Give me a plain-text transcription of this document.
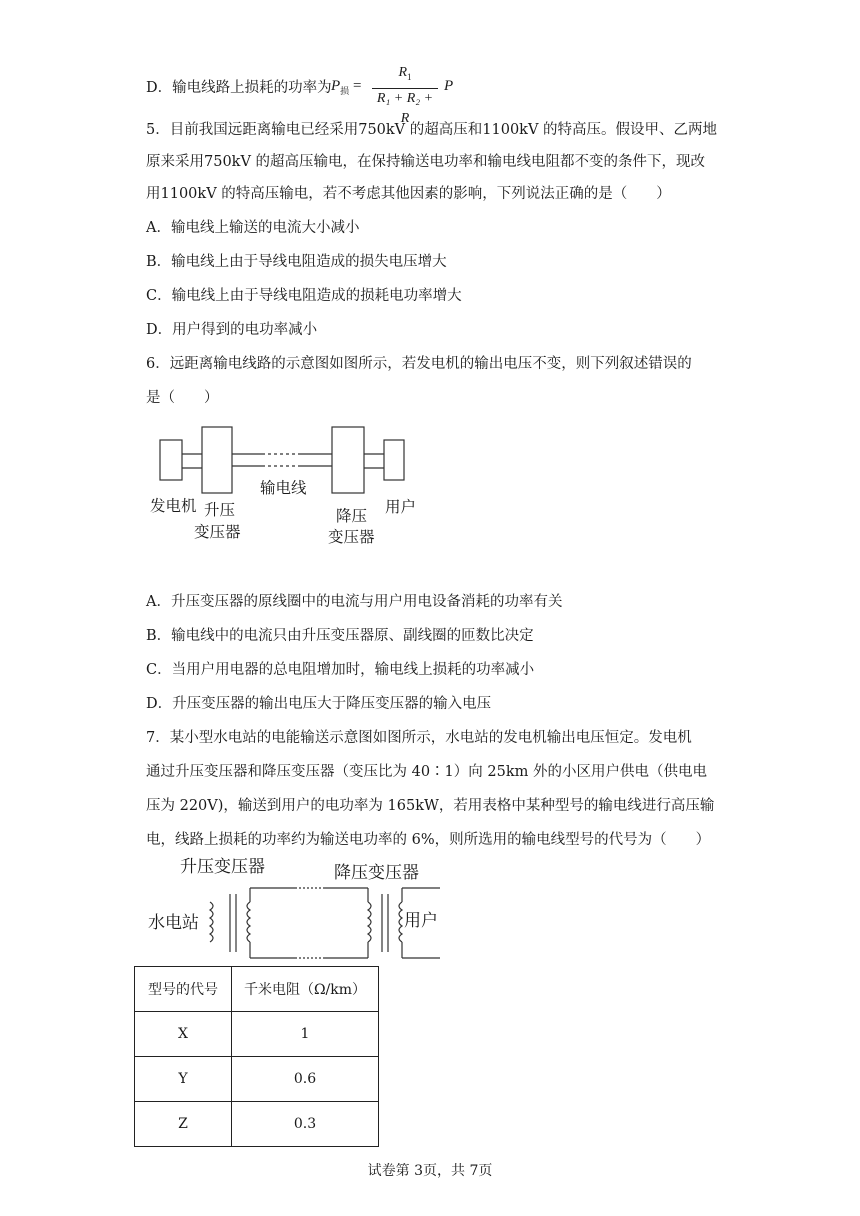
D．输电线路上损耗的功率为 $P_损 = \frac{R_1}{\text{R₁ + R₂ + R}}$ P
5．目前我国远距离输电已经采用750kV 的超高压和1100kV 的特高压。假设甲、乙两地
原来采用750kV 的超高压输电，在保持输送电功率和输电线电阻都不变的条件下，现改
用1100kV 的特高压输电，若不考虑其他因素的影响，下列说法正确的是（　　）
A．输电线上输送的电流大小减小
B．输电线上由于导线电阻造成的损失电压增大
C．输电线上由于导线电阻造成的损耗电功率增大
D．用户得到的电功率减小
6．远距离输电线路的示意图如图所示，若发电机的输出电压不变，则下列叙述错误的
是（　　）
发电机 升压
变压器
输电线
降压
变压器
用户
A．升压变压器的原线圈中的电流与用户用电设备消耗的功率有关
B．输电线中的电流只由升压变压器原、副线圈的匝数比决定
C．当用户用电器的总电阻增加时，输电线上损耗的功率减小
D．升压变压器的输出电压大于降压变压器的输入电压
7．某小型水电站的电能输送示意图如图所示，水电站的发电机输出电压恒定。发电机
通过升压变压器和降压变压器（变压比为 40∶1）向 25km 外的小区用户供电（供电电
压为 220V)，输送到用户的电功率为 165kW，若用表格中某种型号的输电线进行高压输
电，线路上损耗的功率约为输送电功率的 6%，则所选用的输电线型号的代号为（　　）
升压变压器	降压变压器
水电站	用户
型号的代号	千米电阻（Ω/km）
X	1
Y	0.6
Z	0.3
试卷第 3页，共 7页
